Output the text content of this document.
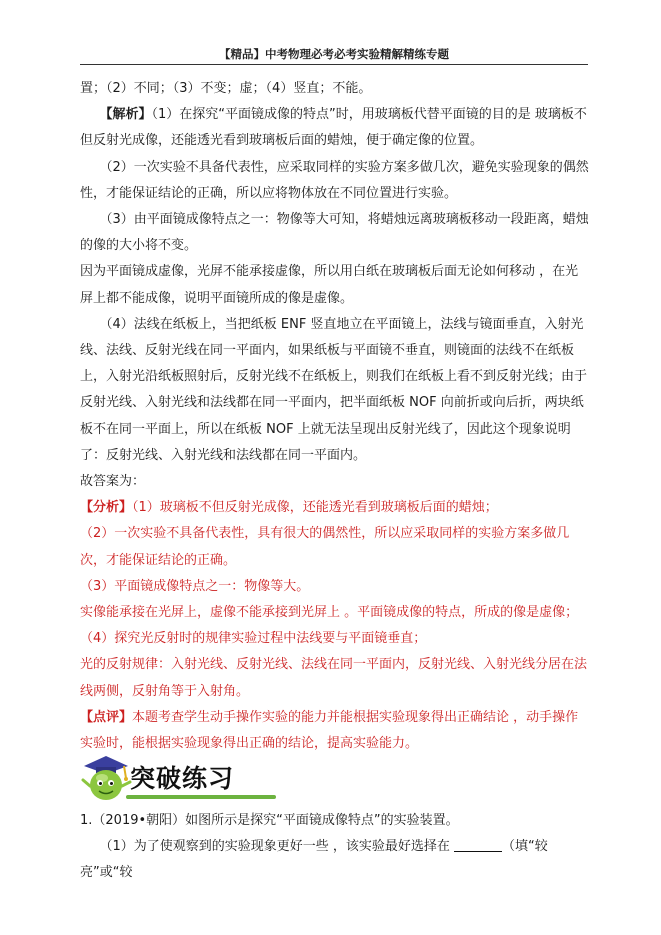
【精品】中考物理必考必考实验精解精练专题

置；（2）不同；（3）不变；虚；（4）竖直；不能。

【解析】（1）在探究“平面镜成像的特点”时，用玻璃板代替平面镜的目的是 玻璃板不但反射光成像，还能透光看到玻璃板后面的蜡烛，便于确定像的位置。

（2）一次实验不具备代表性，应采取同样的实验方案多做几次，避免实验现象的偶然性，才能保证结论的正确，所以应将物体放在不同位置进行实验。

（3）由平面镜成像特点之一：物像等大可知，将蜡烛远离玻璃板移动一段距离，蜡烛的像的大小将不变。

因为平面镜成虚像，光屏不能承接虚像，所以用白纸在玻璃板后面无论如何移动 ，在光屏上都不能成像，说明平面镜所成的像是虚像。

（4）法线在纸板上，当把纸板 ENF 竖直地立在平面镜上，法线与镜面垂直，入射光线、法线、反射光线在同一平面内，如果纸板与平面镜不垂直，则镜面的法线不在纸板上，入射光沿纸板照射后，反射光线不在纸板上，则我们在纸板上看不到反射光线；由于反射光线、入射光线和法线都在同一平面内，把半面纸板 NOF 向前折或向后折，两块纸板不在同一平面上，所以在纸板 NOF 上就无法呈现出反射光线了，因此这个现象说明了：反射光线、入射光线和法线都在同一平面内。

故答案为：

【分析】（1）玻璃板不但反射光成像，还能透光看到玻璃板后面的蜡烛；

（2）一次实验不具备代表性，具有很大的偶然性，所以应采取同样的实验方案多做几次，才能保证结论的正确。

（3）平面镜成像特点之一：物像等大。

实像能承接在光屏上，虚像不能承接到光屏上 。平面镜成像的特点，所成的像是虚像；

（4）探究光反射时的规律实验过程中法线要与平面镜垂直；

光的反射规律：入射光线、反射光线、法线在同一平面内，反射光线、入射光线分居在法线两侧，反射角等于入射角。

【点评】本题考查学生动手操作实验的能力并能根据实验现象得出正确结论 ，动手操作实验时，能根据实验现象得出正确的结论，提高实验能力。

突破练习

1.（2019•朝阳）如图所示是探究“平面镜成像特点”的实验装置。

（1）为了使观察到的实验现象更好一些 ，该实验最好选择在	（填“较亮”或“较
